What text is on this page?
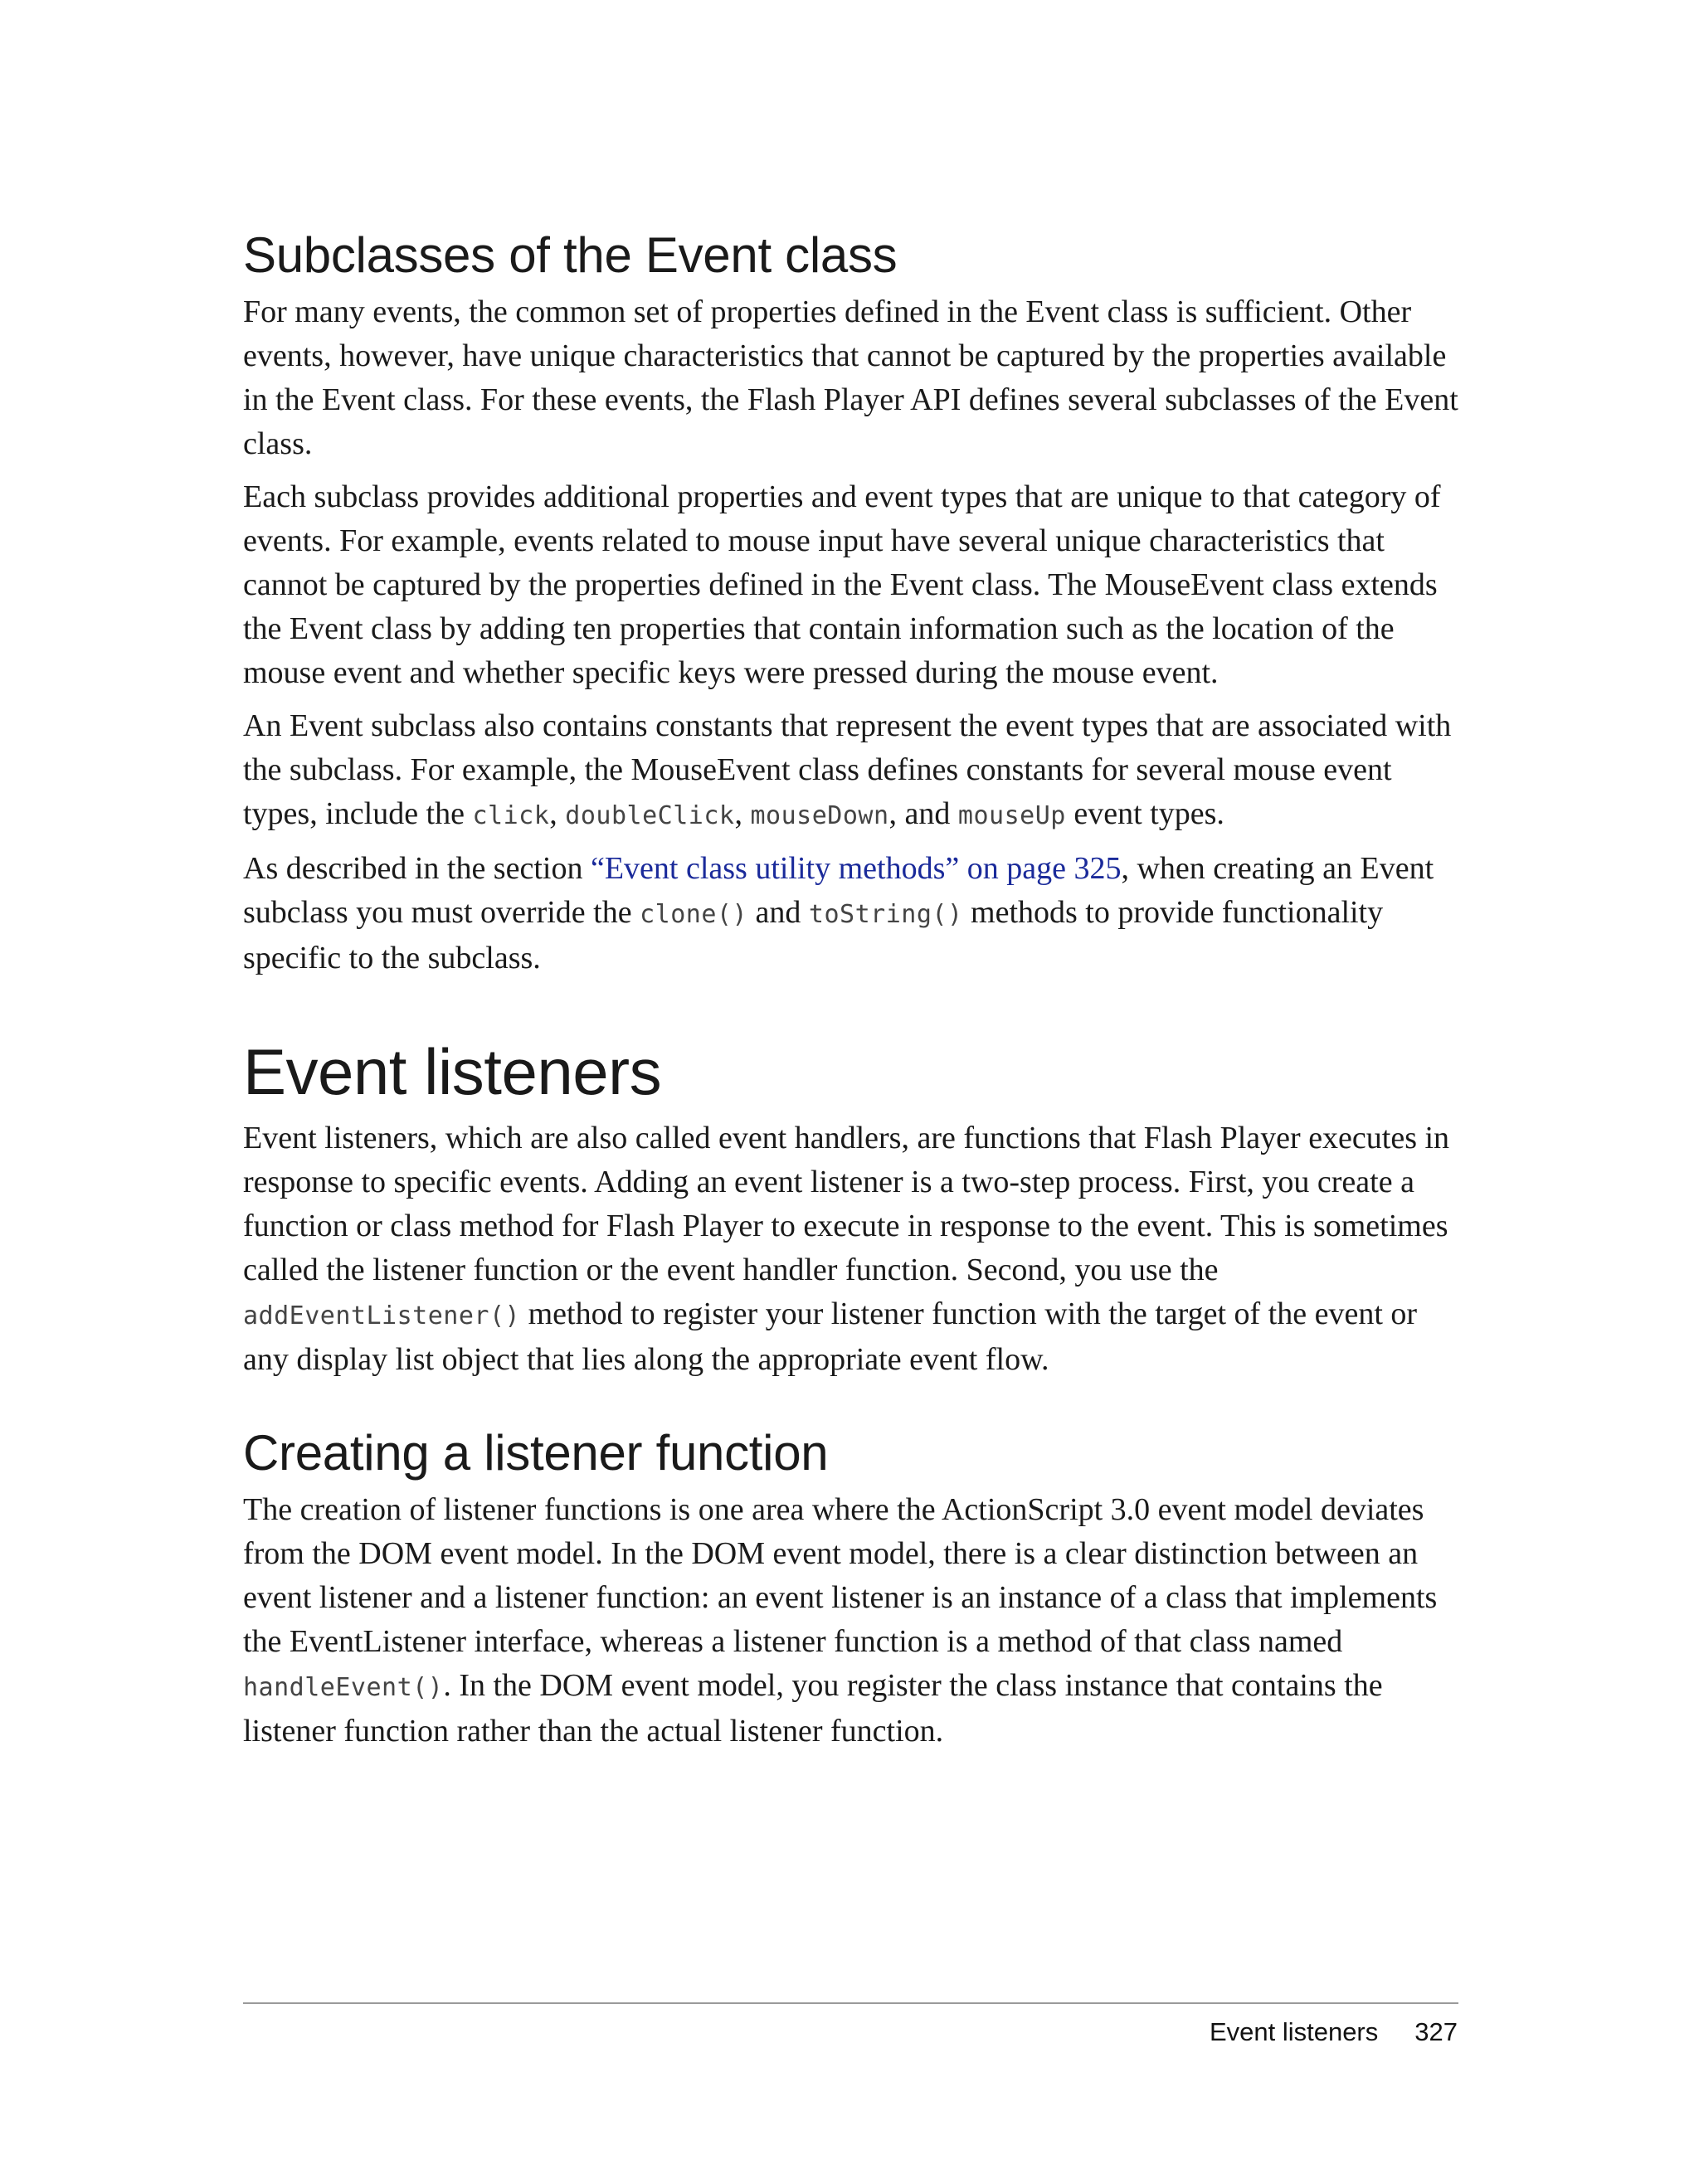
Subclasses of the Event class

For many events, the common set of properties defined in the Event class is sufficient. Other events, however, have unique characteristics that cannot be captured by the properties available in the Event class. For these events, the Flash Player API defines several subclasses of the Event class.

Each subclass provides additional properties and event types that are unique to that category of events. For example, events related to mouse input have several unique characteristics that cannot be captured by the properties defined in the Event class. The MouseEvent class extends the Event class by adding ten properties that contain information such as the location of the mouse event and whether specific keys were pressed during the mouse event.

An Event subclass also contains constants that represent the event types that are associated with the subclass. For example, the MouseEvent class defines constants for several mouse event types, include the click, doubleClick, mouseDown, and mouseUp event types.

As described in the section “Event class utility methods” on page 325, when creating an Event subclass you must override the clone() and toString() methods to provide functionality specific to the subclass.

Event listeners

Event listeners, which are also called event handlers, are functions that Flash Player executes in response to specific events. Adding an event listener is a two-step process. First, you create a function or class method for Flash Player to execute in response to the event. This is sometimes called the listener function or the event handler function. Second, you use the addEventListener() method to register your listener function with the target of the event or any display list object that lies along the appropriate event flow.

Creating a listener function

The creation of listener functions is one area where the ActionScript 3.0 event model deviates from the DOM event model. In the DOM event model, there is a clear distinction between an event listener and a listener function: an event listener is an instance of a class that implements the EventListener interface, whereas a listener function is a method of that class named handleEvent(). In the DOM event model, you register the class instance that contains the listener function rather than the actual listener function.

Event listeners 327
